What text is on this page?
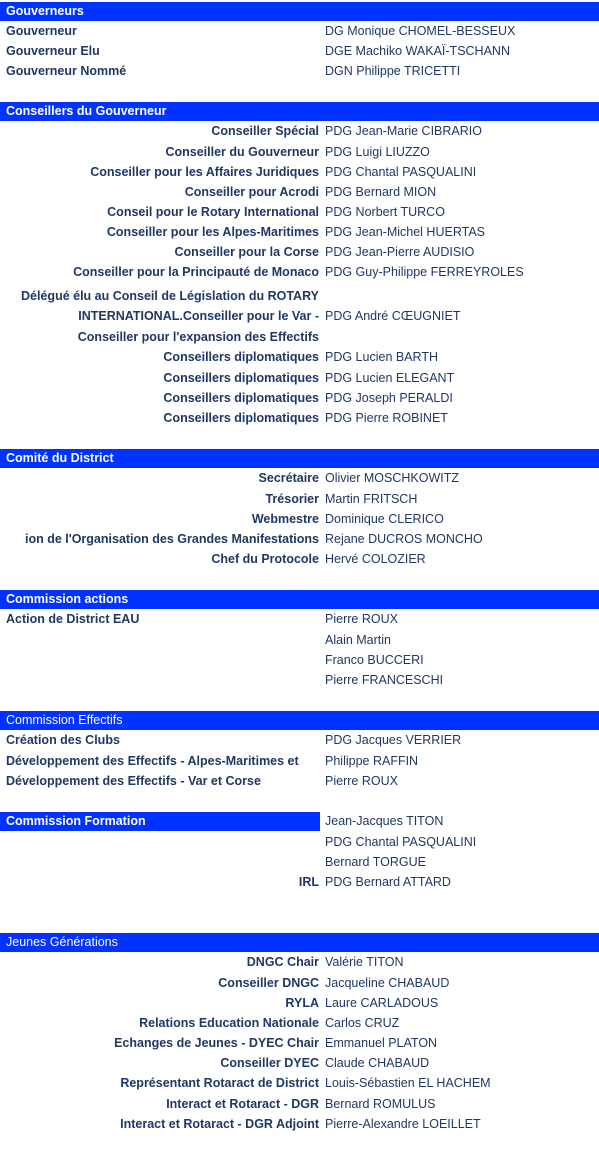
Gouverneurs
Gouverneur	DG Monique CHOMEL-BESSEUX
Gouverneur Elu	DGE Machiko WAKAÏ-TSCHANN
Gouverneur Nommé	DGN Philippe TRICETTI
Conseillers du Gouverneur
Conseiller Spécial PDG Jean-Marie CIBRARIO
Conseiller du Gouverneur PDG Luigi LIUZZO
Conseiller pour les Affaires Juridiques PDG Chantal PASQUALINI
Conseiller pour Acrodi PDG Bernard MION
Conseil pour le Rotary International PDG Norbert TURCO
Conseiller pour les Alpes-Maritimes PDG Jean-Michel HUERTAS
Conseiller pour la Corse PDG Jean-Pierre AUDISIO
Conseiller pour la Principauté de Monaco PDG Guy-Philippe FERREYROLES
Délégué élu au Conseil de Législation du ROTARY
INTERNATIONAL.Conseiller pour le Var - PDG André CŒUGNIET
Conseiller pour l'expansion des Effectifs
Conseillers diplomatiques PDG Lucien BARTH
Conseillers diplomatiques PDG Lucien ELEGANT
Conseillers diplomatiques PDG Joseph PERALDI
Conseillers diplomatiques PDG Pierre ROBINET
Comité du District
Secrétaire Olivier MOSCHKOWITZ
Trésorier Martin FRITSCH
Webmestre Dominique CLERICO
ion de l'Organisation des Grandes Manifestations Rejane DUCROS MONCHO
Chef du Protocole Hervé COLOZIER
Commission actions
Action de District EAU	Pierre ROUX
Alain Martin
Franco BUCCERI
Pierre FRANCESCHI
Commission Effectifs
Création des Clubs	PDG Jacques VERRIER
Développement des Effectifs - Alpes-Maritimes et Philippe RAFFIN
Développement des Effectifs - Var et Corse	Pierre ROUX
Commission Formation	Jean-Jacques TITON
PDG Chantal PASQUALINI
Bernard TORGUE
IRL PDG Bernard ATTARD
Jeunes Générations
DNGC Chair Valérie TITON
Conseiller DNGC Jacqueline CHABAUD
RYLA Laure CARLADOUS
Relations Education Nationale Carlos CRUZ
Echanges de Jeunes - DYEC Chair Emmanuel PLATON
Conseiller DYEC Claude CHABAUD
Représentant Rotaract de District Louis-Sébastien EL HACHEM
Interact et Rotaract - DGR Bernard ROMULUS
Interact et Rotaract - DGR Adjoint Pierre-Alexandre LOEILLET
